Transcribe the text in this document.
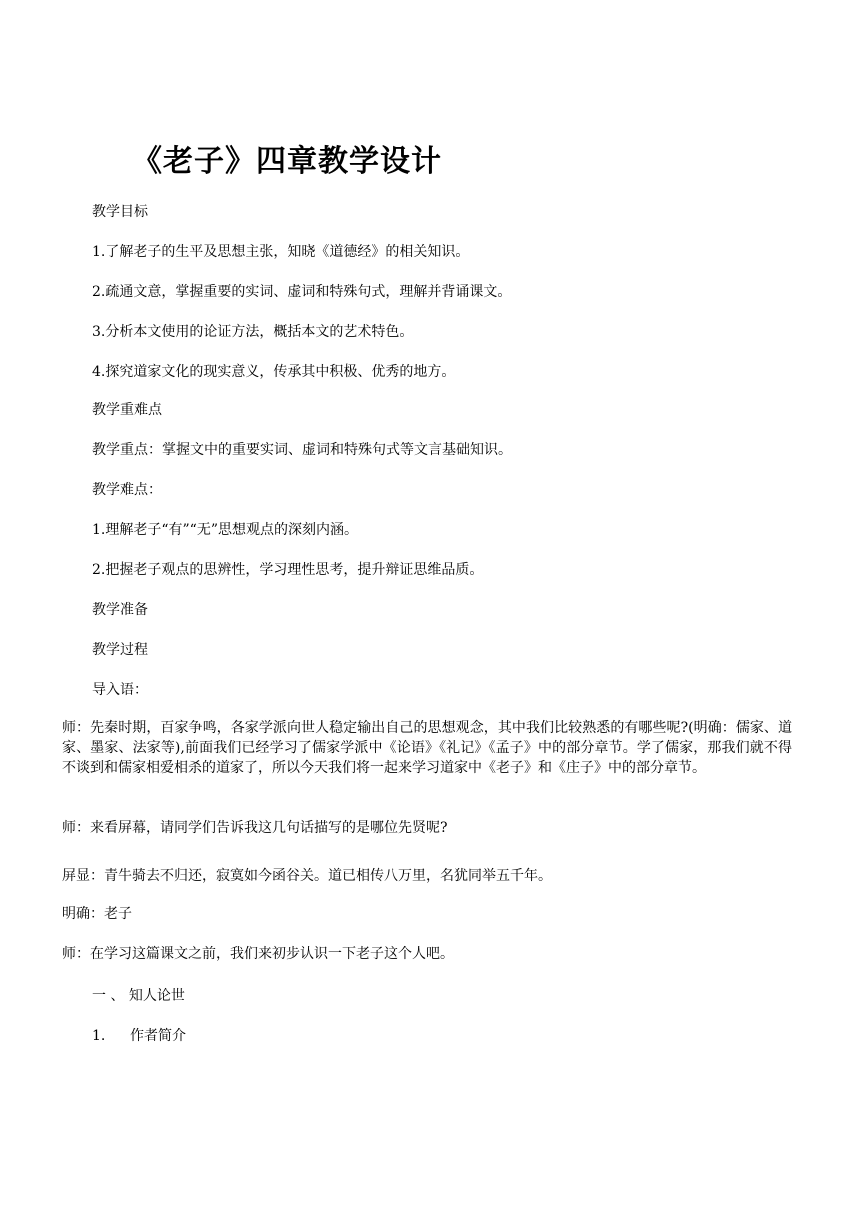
《老子》四章教学设计

教学目标

1.了解老子的生平及思想主张，知晓《道德经》的相关知识。

2.疏通文意，掌握重要的实词、虚词和特殊句式，理解并背诵课文。

3.分析本文使用的论证方法，概括本文的艺术特色。

4.探究道家文化的现实意义，传承其中积极、优秀的地方。

教学重难点

教学重点：掌握文中的重要实词、虚词和特殊句式等文言基础知识。

教学难点：

1.理解老子“有”“无”思想观点的深刻内涵。

2.把握老子观点的思辨性，学习理性思考，提升辩证思维品质。

教学准备

教学过程

导入语：

师：先秦时期，百家争鸣，各家学派向世人稳定输出自己的思想观念，其中我们比较熟悉的有哪些呢?(明确：儒家、道家、墨家、法家等),前面我们已经学习了儒家学派中《论语》《礼记》《孟子》中的部分章节。学了儒家，那我们就不得不谈到和儒家相爱相杀的道家了，所以今天我们将一起来学习道家中《老子》和《庄子》中的部分章节。

师：来看屏幕，请同学们告诉我这几句话描写的是哪位先贤呢?

屏显：青牛骑去不归还，寂寞如今函谷关。道已相传八万里，名犹同举五千年。

明确：老子

师：在学习这篇课文之前，我们来初步认识一下老子这个人吧。

一 、 知人论世

1. 作者简介
